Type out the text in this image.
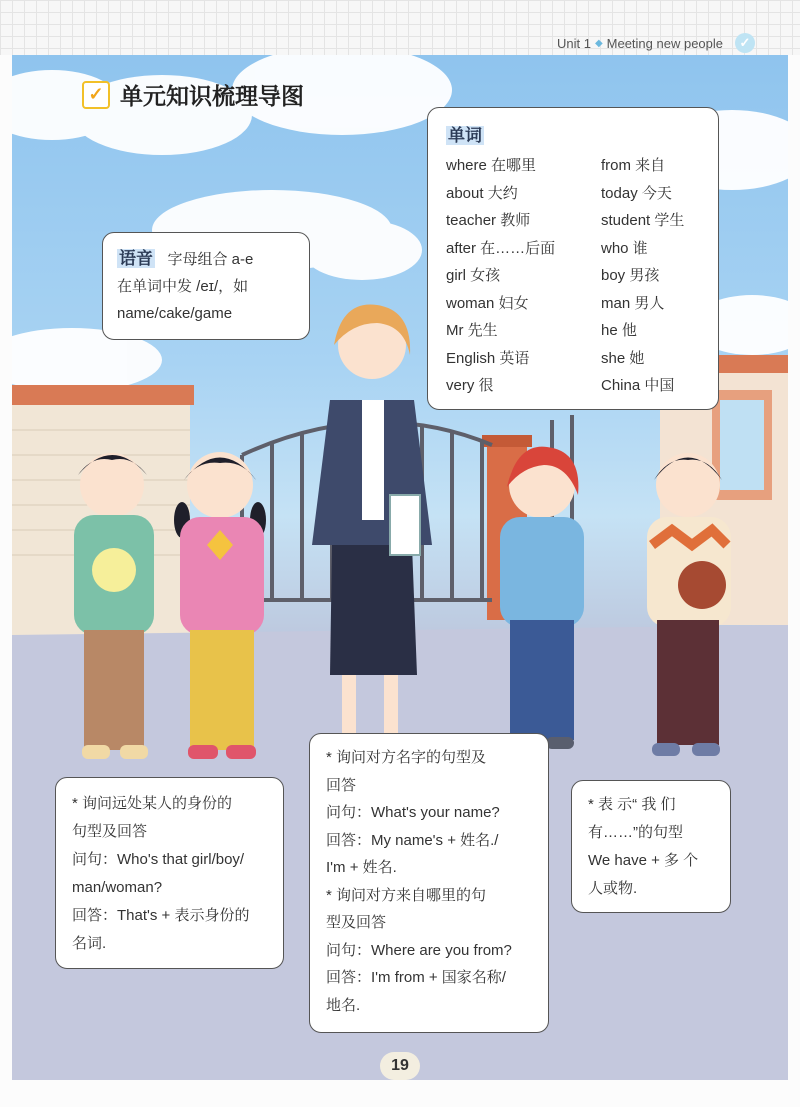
Unit 1 ◆ Meeting new people	✓
✓ 单元知识梳理导图

语音 字母组合 a-e

在单词中发 /eɪ/，如

name/cake/game

单词

where 在哪里
about 大约
teacher 教师
after 在……后面
girl 女孩
woman 妇女
Mr 先生
English 英语
very 很
from 来自
today 今天
student 学生
who 谁
boy 男孩
man 男人
he 他
she 她
China 中国

* 询问远处某人的身份的

句型及回答

问句：Who's that girl/boy/

man/woman?

回答：That's + 表示身份的

名词.

* 询问对方名字的句型及

回答

问句：What's your name?

回答：My name's + 姓名./

I'm + 姓名.

* 询问对方来自哪里的句

型及回答

问句：Where are you from?

回答：I'm from + 国家名称/

地名.

* 表 示“ 我 们

有……”的句型

We have + 多 个

人或物.

19
